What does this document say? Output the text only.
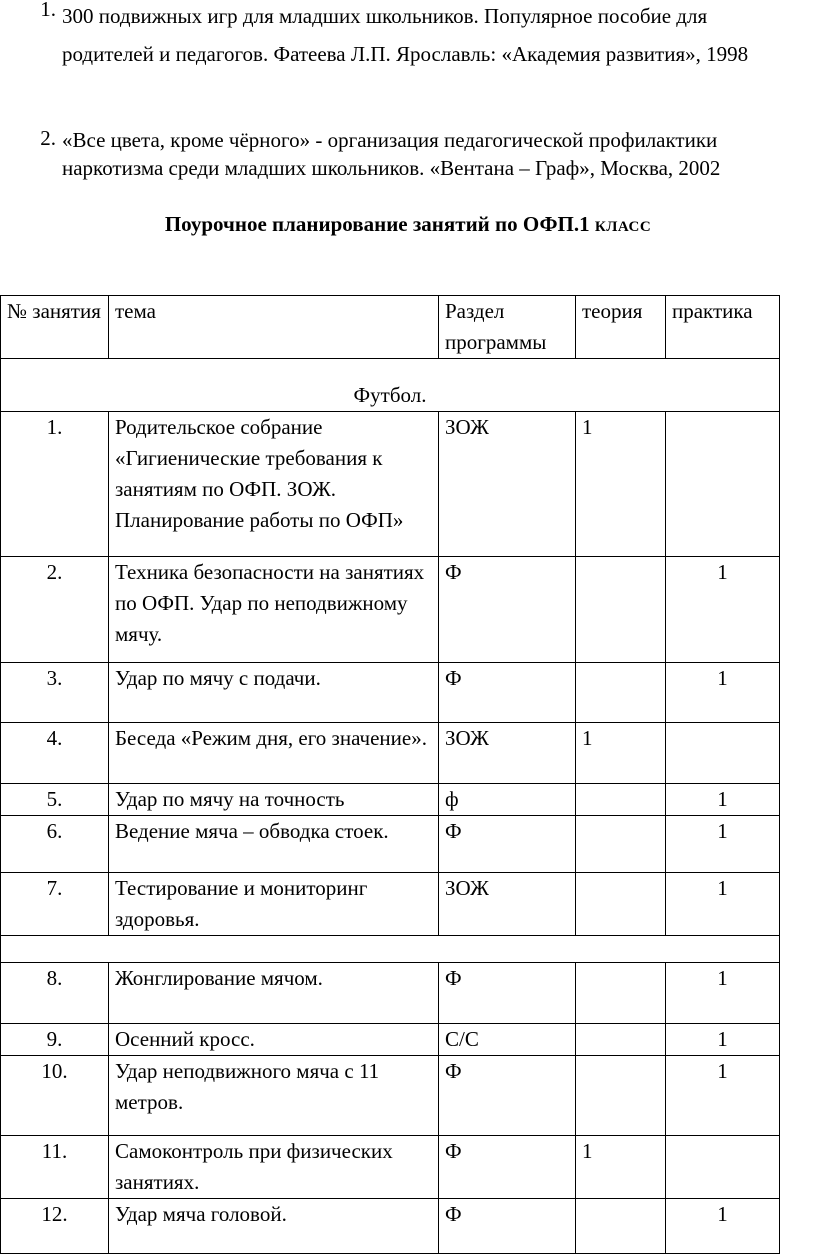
1. 300 подвижных игр для младших школьников. Популярное пособие для родителей и педагогов. Фатеева Л.П. Ярославль: «Академия развития», 1998
2. «Все цвета, кроме чёрного» - организация педагогической профилактики наркотизма среди младших школьников. «Вентана – Граф», Москва, 2002
Поурочное планирование занятий по ОФП.1 КЛАСС
№ занятия	тема	Раздел программы	теория	практика
Футбол.				
1.	Родительское собрание «Гигиенические требования к занятиям по ОФП. ЗОЖ. Планирование работы по ОФП»	ЗОЖ	1	
2.	Техника безопасности на занятиях по ОФП. Удар по неподвижному мячу.	Ф		1
3.	Удар по мячу с подачи.	Ф		1
4.	Беседа «Режим дня, его значение».	ЗОЖ	1	
5.	Удар по мячу на точность	ф		1
6.	Ведение мяча – обводка стоек.	Ф		1
7.	Тестирование и мониторинг здоровья.	ЗОЖ		1

8.	Жонглирование мячом.	Ф		1
9.	Осенний кросс.	С/С		1
10.	Удар неподвижного мяча с 11 метров.	Ф		1
11.	Самоконтроль при физических занятиях.	Ф	1	
12.	Удар мяча головой.	Ф		1
